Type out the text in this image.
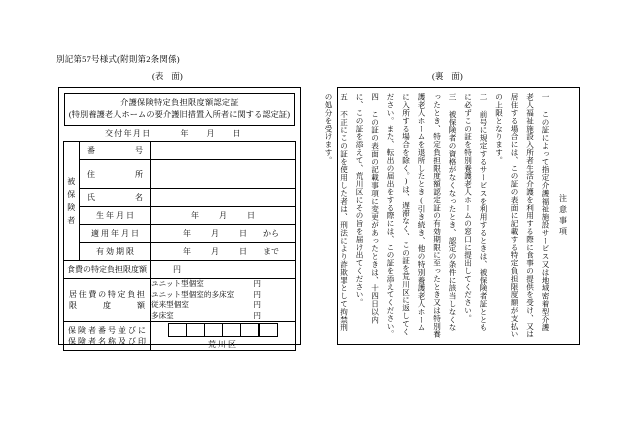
別記第57号様式(附則第2条関係)
(表 面)	(裏 面)
介護保険特定負担限度額認定証
(特別養護老人ホームの要介護旧措置入所者に関する認定証)
交付年月日	年	月	日
被
保
険
者	番 号	

	住 所	

	氏 名	

	生 年 月 日	年 月 日

	適 用 年 月 日	年 月 日 から

	有 効 期 限	年 月 日 まで

食費の特定負担限度額		円

居 住 費 の 特 定 負 担
限	度	額

ユニット型個室	円
ユニット型個室的多床室	円
従来型個室	円
多床室	円

保 険 者 番 号 並 び に
保 険 者 名 称 及 び 印		荒川区
注意事項
一 この証によって指定介護福祉施設サービス又は地域密着型介護老人福祉施設入所者生活介護を利用する際に食事の提供を受け、又は居住する場合には、この証の表面に記載する特定負担限度額が支払いの上限となります。
二 前号に規定するサービスを利用するときは、被保険者証とともに必ずこの証を特別養護老人ホームの窓口に提出してください。
三 被保険者の資格がなくなったとき、認定の条件に該当しなくなったとき、特定負担限度額認定証の有効期限に至ったとき又は特別養護老人ホームを退所したとき(引き続き、他の特別養護老人ホームに入所する場合を除く。)は、遅滞なく、この証を荒川区に返してください。また、転出の届出をする際には、この証を添えてください。
四 この証の表面の記載事項に変更があったときは、十四日以内に、この証を添えて、荒川区にその旨を届け出てください。
五 不正にこの証を使用した者は、刑法により詐欺罪として拘禁刑の処分を受けます。
